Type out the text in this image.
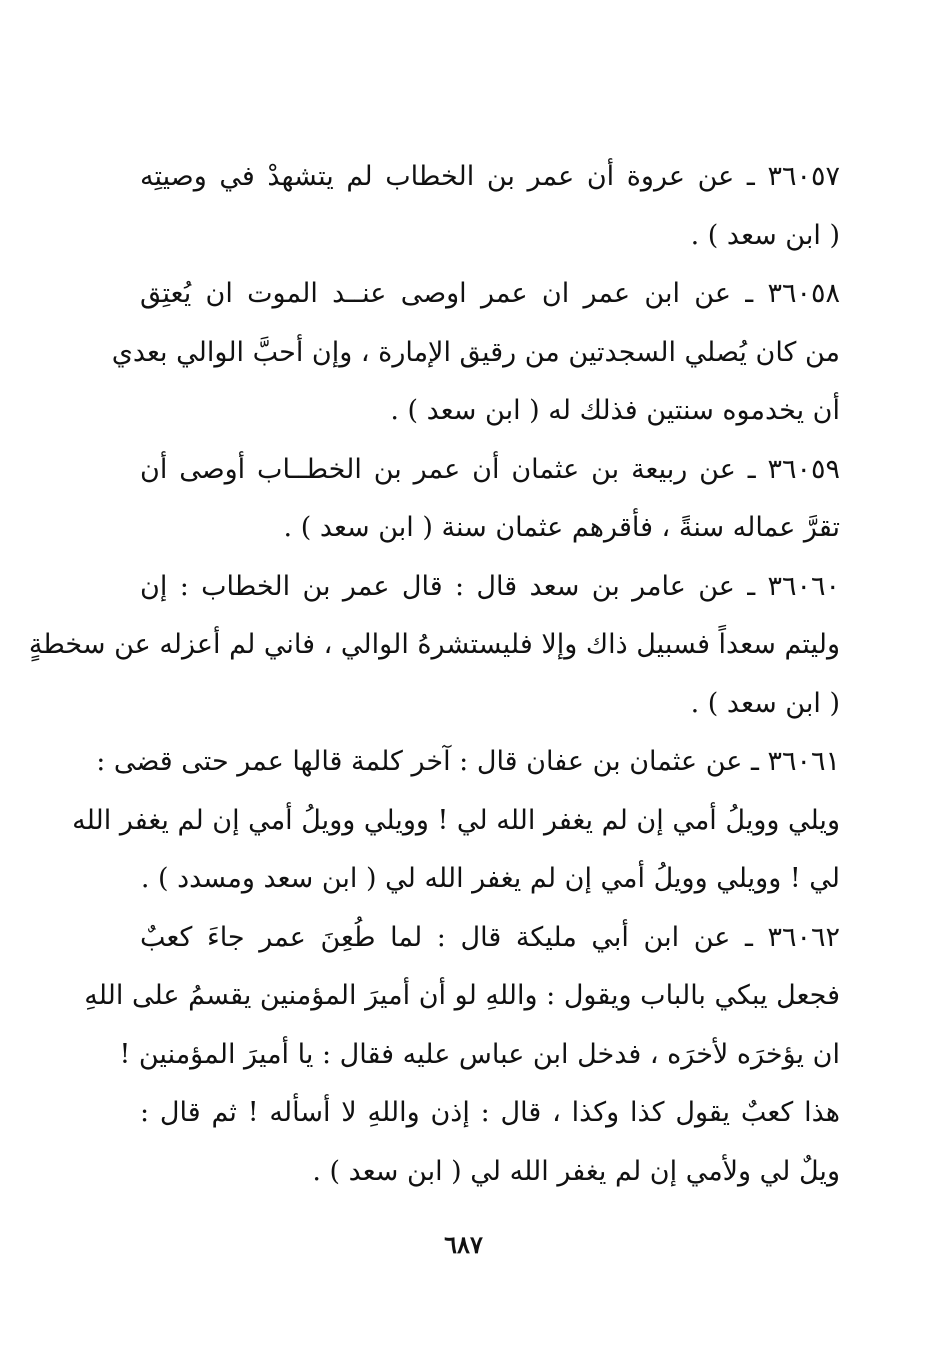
٣٦٠٥٧ ـ عن عروة أن عمر بن الخطاب لم يتشهدْ في وصيتِه
( ابن سعد ) .
٣٦٠٥٨ ـ عن ابن عمر ان عمر اوصى عنــد الموت ان يُعتِق
من كان يُصلي السجدتين من رقيق الإمارة ، وإن أحبَّ الوالي بعدي
أن يخدموه سنتين فذلك له ( ابن سعد ) .
٣٦٠٥٩ ـ عن ربيعة بن عثمان أن عمر بن الخطــاب أوصى أن
تقرَّ عماله سنةً ، فأقرهم عثمان سنة ( ابن سعد ) .
٣٦٠٦٠ ـ عن عامر بن سعد قال : قال عمر بن الخطاب : إن
وليتم سعداً فسبيل ذاك وإلا فليستشرهُ الوالي ، فاني لم أعزله عن سخطةٍ
( ابن سعد ) .
٣٦٠٦١ ـ عن عثمان بن عفان قال : آخر كلمة قالها عمر حتى قضى :
ويلي وويلُ أمي إن لم يغفر الله لي ! وويلي وويلُ أمي إن لم يغفر الله
لي ! وويلي وويلُ أمي إن لم يغفر الله لي ( ابن سعد ومسدد ) .
٣٦٠٦٢ ـ عن ابن أبي مليكة قال : لما طُعِنَ عمر جاءَ كعبٌ
فجعل يبكي بالباب ويقول : واللهِ لو أن أميرَ المؤمنين يقسمُ على اللهِ
ان يؤخرَه لأخرَه ، فدخل ابن عباس عليه فقال : يا أميرَ المؤمنين !
هذا كعبٌ يقول كذا وكذا ، قال : إذن واللهِ لا أسأله ! ثم قال :
ويلٌ لي ولأمي إن لم يغفر الله لي ( ابن سعد ) .
٦٨٧
